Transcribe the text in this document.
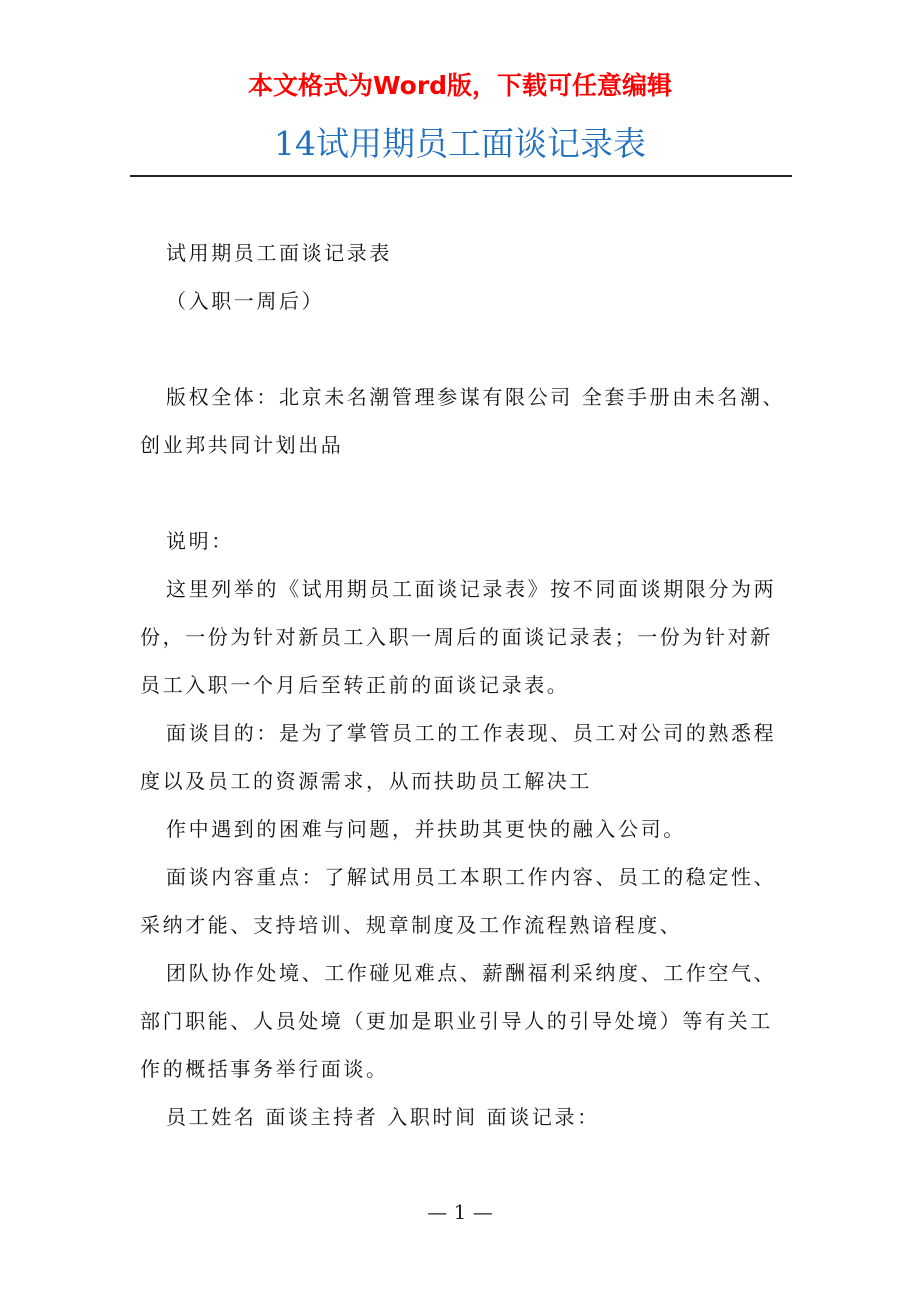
本文格式为Word版，下载可任意编辑
14试用期员工面谈记录表

试用期员工面谈记录表

（入职一周后）

版权全体：北京未名潮管理参谋有限公司 全套手册由未名潮、创业邦共同计划出品

说明：

这里列举的《试用期员工面谈记录表》按不同面谈期限分为两份，一份为针对新员工入职一周后的面谈记录表；一份为针对新员工入职一个月后至转正前的面谈记录表。

面谈目的：是为了掌管员工的工作表现、员工对公司的熟悉程度以及员工的资源需求，从而扶助员工解决工

作中遇到的困难与问题，并扶助其更快的融入公司。

面谈内容重点：了解试用员工本职工作内容、员工的稳定性、采纳才能、支持培训、规章制度及工作流程熟谙程度、

团队协作处境、工作碰见难点、薪酬福利采纳度、工作空气、部门职能、人员处境（更加是职业引导人的引导处境）等有关工作的概括事务举行面谈。

员工姓名 面谈主持者 入职时间 面谈记录：

— 1 —
